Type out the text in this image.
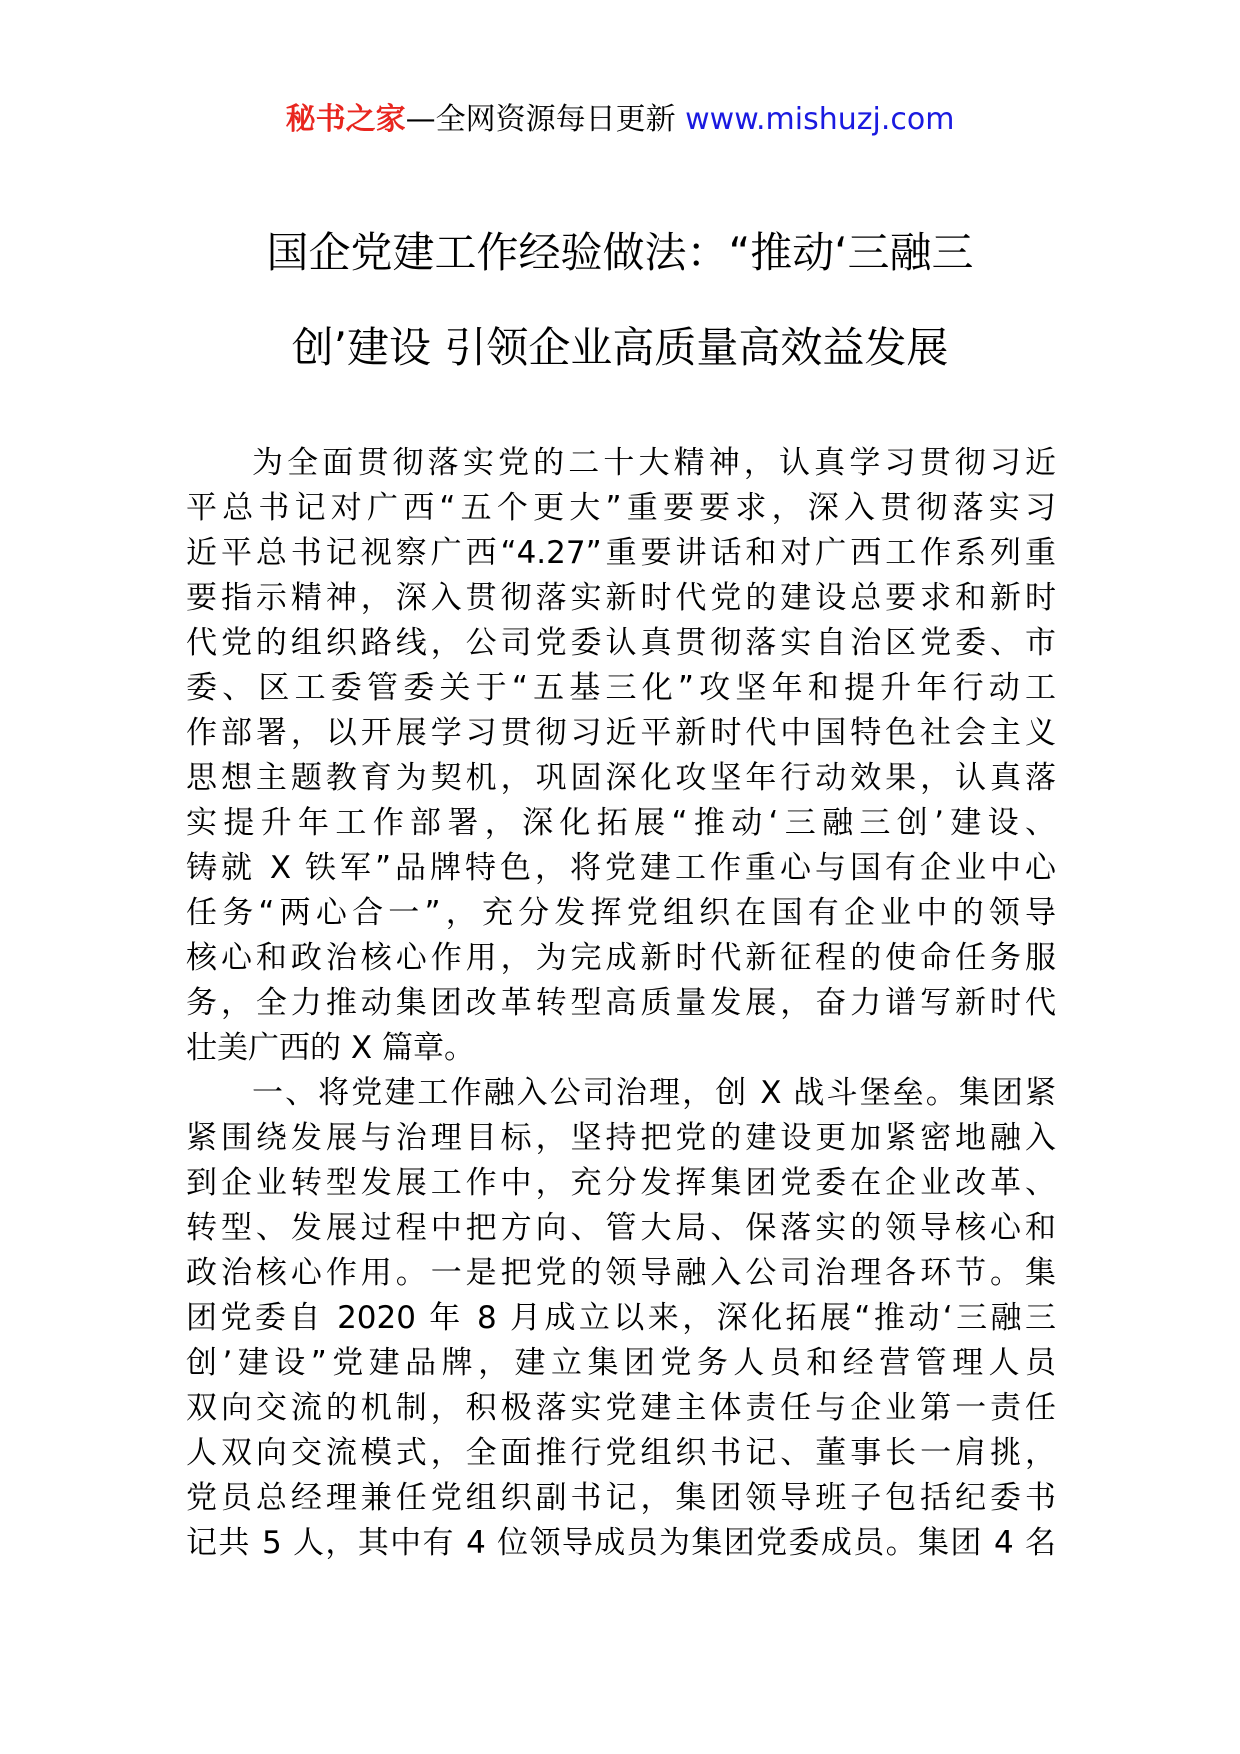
秘书之家—全网资源每日更新 www.mishuzj.com
国企党建工作经验做法：“推动‘三融三
创’建设 引领企业高质量高效益发展
为全面贯彻落实党的二十大精神，认真学习贯彻习近
平总书记对广西“五个更大”重要要求，深入贯彻落实习
近平总书记视察广西“4.27”重要讲话和对广西工作系列重
要指示精神，深入贯彻落实新时代党的建设总要求和新时
代党的组织路线，公司党委认真贯彻落实自治区党委、市
委、区工委管委关于“五基三化”攻坚年和提升年行动工
作部署，以开展学习贯彻习近平新时代中国特色社会主义
思想主题教育为契机，巩固深化攻坚年行动效果，认真落
实提升年工作部署，深化拓展“推动‘三融三创’建设、
铸就 X 铁军”品牌特色，将党建工作重心与国有企业中心
任务“两心合一”，充分发挥党组织在国有企业中的领导
核心和政治核心作用，为完成新时代新征程的使命任务服
务，全力推动集团改革转型高质量发展，奋力谱写新时代
壮美广西的 X 篇章。
一、将党建工作融入公司治理，创 X 战斗堡垒。集团紧
紧围绕发展与治理目标，坚持把党的建设更加紧密地融入
到企业转型发展工作中，充分发挥集团党委在企业改革、
转型、发展过程中把方向、管大局、保落实的领导核心和
政治核心作用。一是把党的领导融入公司治理各环节。集
团党委自 2020 年 8 月成立以来，深化拓展“推动‘三融三
创’建设”党建品牌，建立集团党务人员和经营管理人员
双向交流的机制，积极落实党建主体责任与企业第一责任
人双向交流模式，全面推行党组织书记、董事长一肩挑，
党员总经理兼任党组织副书记，集团领导班子包括纪委书
记共 5 人，其中有 4 位领导成员为集团党委成员。集团 4 名
